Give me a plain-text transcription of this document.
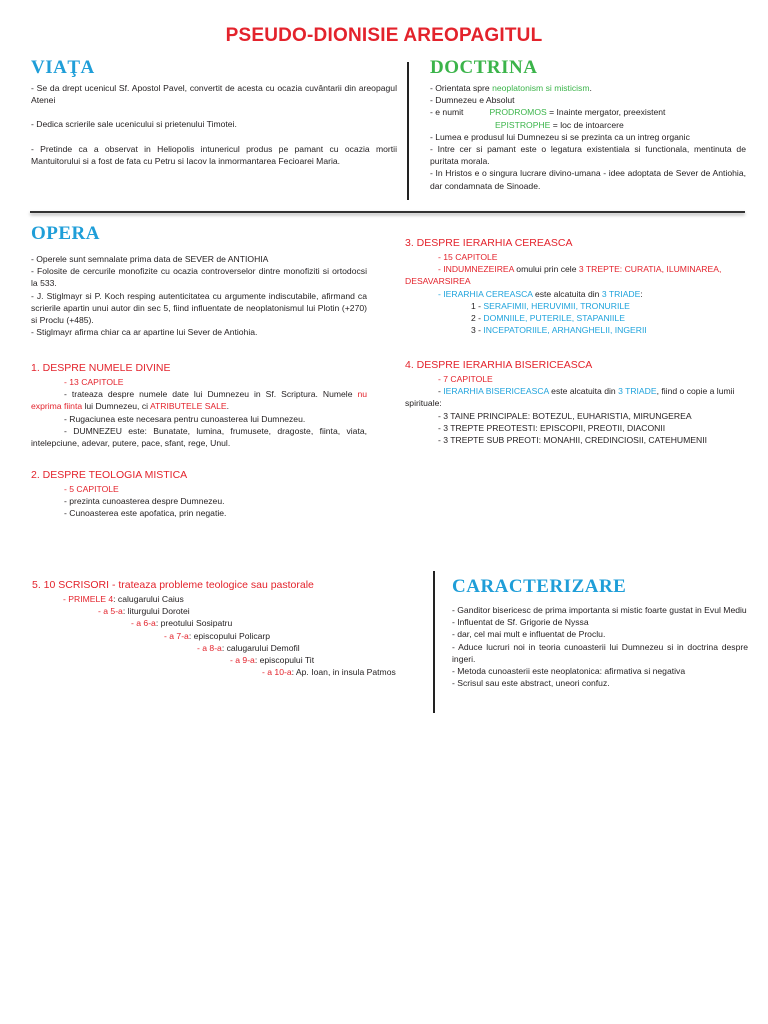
PSEUDO-DIONISIE AREOPAGITUL
VIAŢA
- Se da drept ucenicul Sf. Apostol Pavel, convertit de acesta cu ocazia cuvântarii din areopagul Atenei
- Dedica scrierile sale ucenicului si prietenului Timotei.
- Pretinde ca a observat in Heliopolis intunericul produs pe pamant cu ocazia mortii Mantuitorului si a fost de fata cu Petru si Iacov la inmormantarea Fecioarei Maria.
DOCTRINA
- Orientata spre neoplatonism si misticism.
- Dumnezeu e Absolut
- e numit	PRODROMOS = Inainte mergator, preexistent
EPISTROPHE = loc de intoarcere
- Lumea e produsul lui Dumnezeu si se prezinta ca un intreg organic
- Intre cer si pamant este o legatura existentiala si functionala, mentinuta de puritata morala.
- In Hristos e o singura lucrare divino-umana - idee adoptata de Sever de Antiohia, dar condamnata de Sinoade.
OPERA
- Operele sunt semnalate prima data de SEVER de ANTIOHIA
- Folosite de cercurile monofizite cu ocazia controverselor dintre monofiziti si ortodocsi la 533.
- J. Stiglmayr si P. Koch resping autenticitatea cu argumente indiscutabile, afirmand ca scrierile apartin unui autor din sec 5, fiind influentate de neoplatonismul lui Plotin (+270) si Proclu (+485).
- Stiglmayr afirma chiar ca ar apartine lui Sever de Antiohia.
1. DESPRE NUMELE DIVINE
- 13 CAPITOLE
- trateaza despre numele date lui Dumnezeu in Sf. Scriptura. Numele nu exprima fiinta lui Dumnezeu, ci ATRIBUTELE SALE.
- Rugaciunea este necesara pentru cunoasterea lui Dumnezeu.
- DUMNEZEU este: Bunatate, lumina, frumusete, dragoste, fiinta, viata, intelepciune, adevar, putere, pace, sfant, rege, Unul.
2. DESPRE TEOLOGIA MISTICA
- 5 CAPITOLE
- prezinta cunoasterea despre Dumnezeu.
- Cunoasterea este apofatica, prin negatie.
3. DESPRE IERARHIA CEREASCA
- 15 CAPITOLE
- INDUMNEZEIREA omului prin cele 3 TREPTE: CURATIA, ILUMINAREA, DESAVARSIREA
- IERARHIA CEREASCA este alcatuita din 3 TRIADE:
1 - SERAFIMII, HERUVIMII, TRONURILE
2 - DOMNIILE, PUTERILE, STAPANIILE
3 - INCEPATORIILE, ARHANGHELII, INGERII
4. DESPRE IERARHIA BISERICEASCA
- 7 CAPITOLE
- IERARHIA BISERICEASCA este alcatuita din 3 TRIADE, fiind o copie a lumii spirituale:
- 3 TAINE PRINCIPALE: BOTEZUL, EUHARISTIA, MIRUNGEREA
- 3 TREPTE PREOTESTI: EPISCOPII, PREOTII, DIACONII
- 3 TREPTE SUB PREOTI: MONAHII, CREDINCIOSII, CATEHUMENII
5. 10 SCRISORI - trateaza probleme teologice sau pastorale
- PRIMELE 4: calugarului Caius
- a 5-a: liturgului Dorotei
- a 6-a: preotului Sosipatru
- a 7-a: episcopului Policarp
- a 8-a: calugarului Demofil
- a 9-a: episcopului Tit
- a 10-a: Ap. Ioan, in insula Patmos
CARACTERIZARE
- Ganditor bisericesc de prima importanta si mistic foarte gustat in Evul Mediu
- Influentat de Sf. Grigorie de Nyssa
- dar, cel mai mult e influentat de Proclu.
- Aduce lucruri noi in teoria cunoasterii lui Dumnezeu si in doctrina despre ingeri.
- Metoda cunoasterii este neoplatonica: afirmativa si negativa
- Scrisul sau este abstract, uneori confuz.
